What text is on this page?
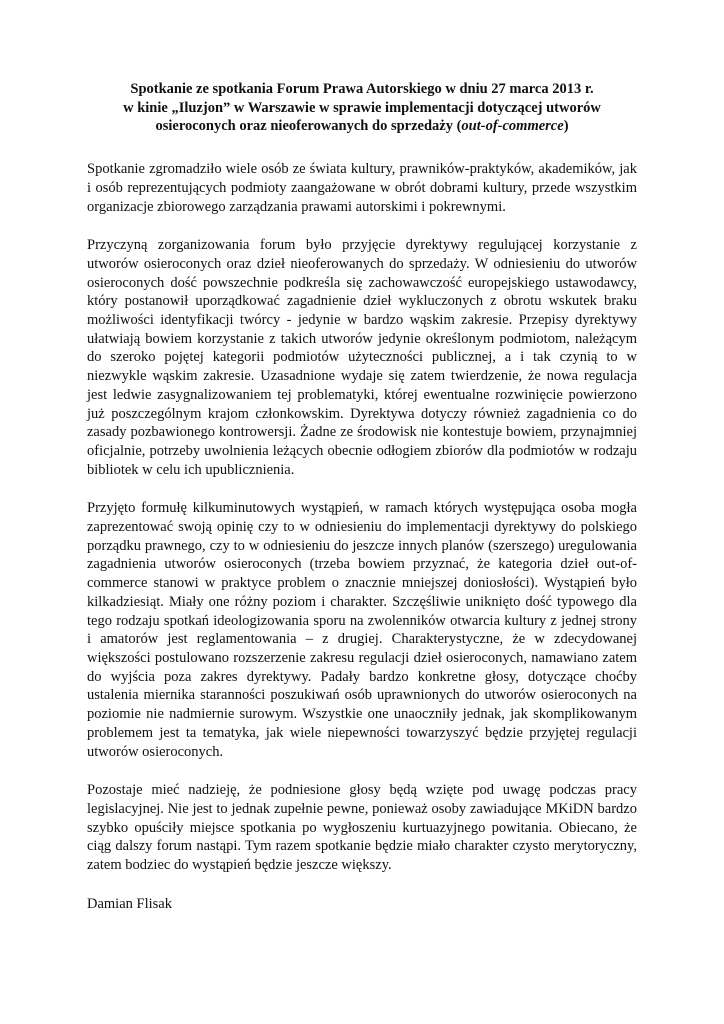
Spotkanie ze spotkania Forum Prawa Autorskiego w dniu 27 marca 2013 r.
w kinie „Iluzjon” w Warszawie w sprawie implementacji dotyczącej utworów
osieroconych oraz nieoferowanych do sprzedaży (out-of-commerce)

Spotkanie zgromadziło wiele osób ze świata kultury, prawników-praktyków, akademików, jak i osób reprezentujących podmioty zaangażowane w obrót dobrami kultury, przede wszystkim organizacje zbiorowego zarządzania prawami autorskimi i pokrewnymi.

Przyczyną zorganizowania forum było przyjęcie dyrektywy regulującej korzystanie z utworów osieroconych oraz dzieł nieoferowanych do sprzedaży. W odniesieniu do utworów osieroconych dość powszechnie podkreśla się zachowawczość europejskiego ustawodawcy, który postanowił uporządkować zagadnienie dzieł wykluczonych z obrotu wskutek braku możliwości identyfikacji twórcy - jedynie w bardzo wąskim zakresie. Przepisy dyrektywy ułatwiają bowiem korzystanie z takich utworów jedynie określonym podmiotom, należącym do szeroko pojętej kategorii podmiotów użyteczności publicznej, a i tak czynią to w niezwykle wąskim zakresie. Uzasadnione wydaje się zatem twierdzenie, że nowa regulacja jest ledwie zasygnalizowaniem tej problematyki, której ewentualne rozwinięcie powierzono już poszczególnym krajom członkowskim. Dyrektywa dotyczy również zagadnienia co do zasady pozbawionego kontrowersji. Żadne ze środowisk nie kontestuje bowiem, przynajmniej oficjalnie, potrzeby uwolnienia leżących obecnie odłogiem zbiorów dla podmiotów w rodzaju bibliotek w celu ich upublicznienia.

Przyjęto formułę kilkuminutowych wystąpień, w ramach których występująca osoba mogła zaprezentować swoją opinię czy to w odniesieniu do implementacji dyrektywy do polskiego porządku prawnego, czy to w odniesieniu do jeszcze innych planów (szerszego) uregulowania zagadnienia utworów osieroconych (trzeba bowiem przyznać, że kategoria dzieł out-of-commerce stanowi w praktyce problem o znacznie mniejszej doniosłości). Wystąpień było kilkadziesiąt. Miały one różny poziom i charakter. Szczęśliwie uniknięto dość typowego dla tego rodzaju spotkań ideologizowania sporu na zwolenników otwarcia kultury z jednej strony i amatorów jest reglamentowania – z drugiej. Charakterystyczne, że w zdecydowanej większości postulowano rozszerzenie zakresu regulacji dzieł osieroconych, namawiano zatem do wyjścia poza zakres dyrektywy. Padały bardzo konkretne głosy, dotyczące choćby ustalenia miernika staranności poszukiwań osób uprawnionych do utworów osieroconych na poziomie nie nadmiernie surowym. Wszystkie one unaoczniły jednak, jak skomplikowanym problemem jest ta tematyka, jak wiele niepewności towarzyszyć będzie przyjętej regulacji utworów osieroconych.

Pozostaje mieć nadzieję, że podniesione głosy będą wzięte pod uwagę podczas pracy legislacyjnej. Nie jest to jednak zupełnie pewne, ponieważ osoby zawiadujące MKiDN bardzo szybko opuściły miejsce spotkania po wygłoszeniu kurtuazyjnego powitania. Obiecano, że ciąg dalszy forum nastąpi. Tym razem spotkanie będzie miało charakter czysto merytoryczny, zatem bodziec do wystąpień będzie jeszcze większy.

Damian Flisak
